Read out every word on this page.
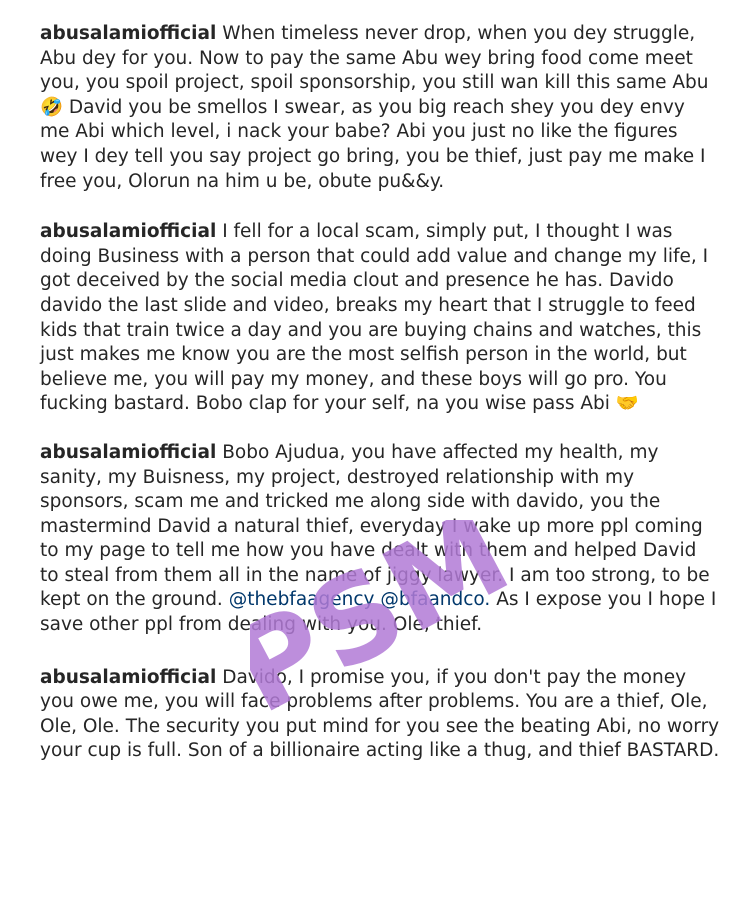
abusalamiofficial When timeless never drop, when you dey struggle, Abu dey for you. Now to pay the same Abu wey bring food come meet you, you spoil project, spoil sponsorship, you still wan kill this same Abu 🤣 David you be smellos I swear, as you big reach shey you dey envy me Abi which level, i nack your babe? Abi you just no like the figures wey I dey tell you say project go bring, you be thief, just pay me make I free you, Olorun na him u be, obute pu&&y.
abusalamiofficial I fell for a local scam, simply put, I thought I was doing Business with a person that could add value and change my life, I got deceived by the social media clout and presence he has. Davido davido the last slide and video, breaks my heart that I struggle to feed kids that train twice a day and you are buying chains and watches, this just makes me know you are the most selfish person in the world, but believe me, you will pay my money, and these boys will go pro. You fucking bastard. Bobo clap for your self, na you wise pass Abi 🤝
abusalamiofficial Bobo Ajudua, you have affected my health, my sanity, my Buisness, my project, destroyed relationship with my sponsors, scam me and tricked me along side with davido, you the mastermind David a natural thief, everyday I wake up more ppl coming to my page to tell me how you have dealt with them and helped David to steal from them all in the name of jiggy lawyer. I am too strong, to be kept on the ground. @thebfaagency @bfaandco. As I expose you I hope I save other ppl from dealing with you. Ole, thief.
abusalamiofficial Davido, I promise you, if you don't pay the money you owe me, you will face problems after problems. You are a thief, Ole, Ole, Ole. The security you put mind for you see the beating Abi, no worry your cup is full. Son of a billionaire acting like a thug, and thief BASTARD.
PSM
